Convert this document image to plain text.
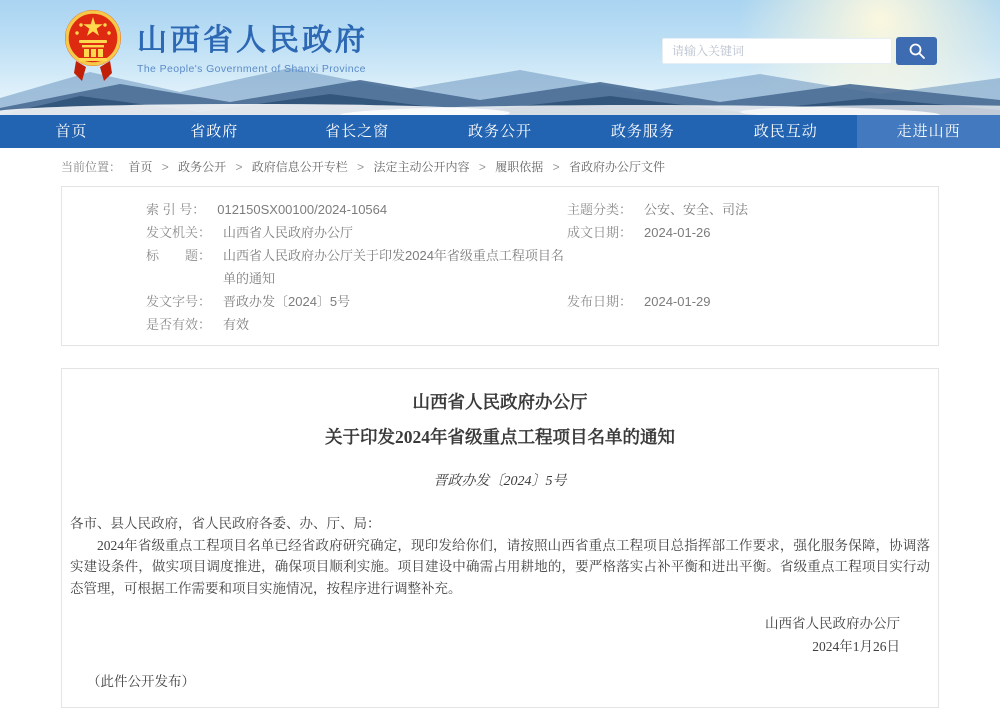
山西省人民政府
The People's Government of Shanxi Province
请输入关键词
首页	省政府	省长之窗	政务公开	政务服务	政民互动	走进山西
当前位置： 首页 > 政务公开 > 政府信息公开专栏 > 法定主动公开内容 > 履职依据 > 省政府办公厅文件
索 引 号： 012150SX00100/2024-10564	主题分类： 公安、安全、司法
发文机关： 山西省人民政府办公厅	成文日期： 2024-01-26
标　　题： 山西省人民政府办公厅关于印发2024年省级重点工程项目名单的通知
发文字号： 晋政办发〔2024〕5号	发布日期： 2024-01-29
是否有效： 有效
山西省人民政府办公厅
关于印发2024年省级重点工程项目名单的通知
晋政办发〔2024〕5号
各市、县人民政府，省人民政府各委、办、厅、局：
2024年省级重点工程项目名单已经省政府研究确定，现印发给你们，请按照山西省重点工程项目总指挥部工作要求，强化服务保障，协调落实建设条件，做实项目调度推进，确保项目顺利实施。项目建设中确需占用耕地的，要严格落实占补平衡和进出平衡。省级重点工程项目实行动态管理，可根据工作需要和项目实施情况，按程序进行调整补充。
山西省人民政府办公厅
2024年1月26日
（此件公开发布）
